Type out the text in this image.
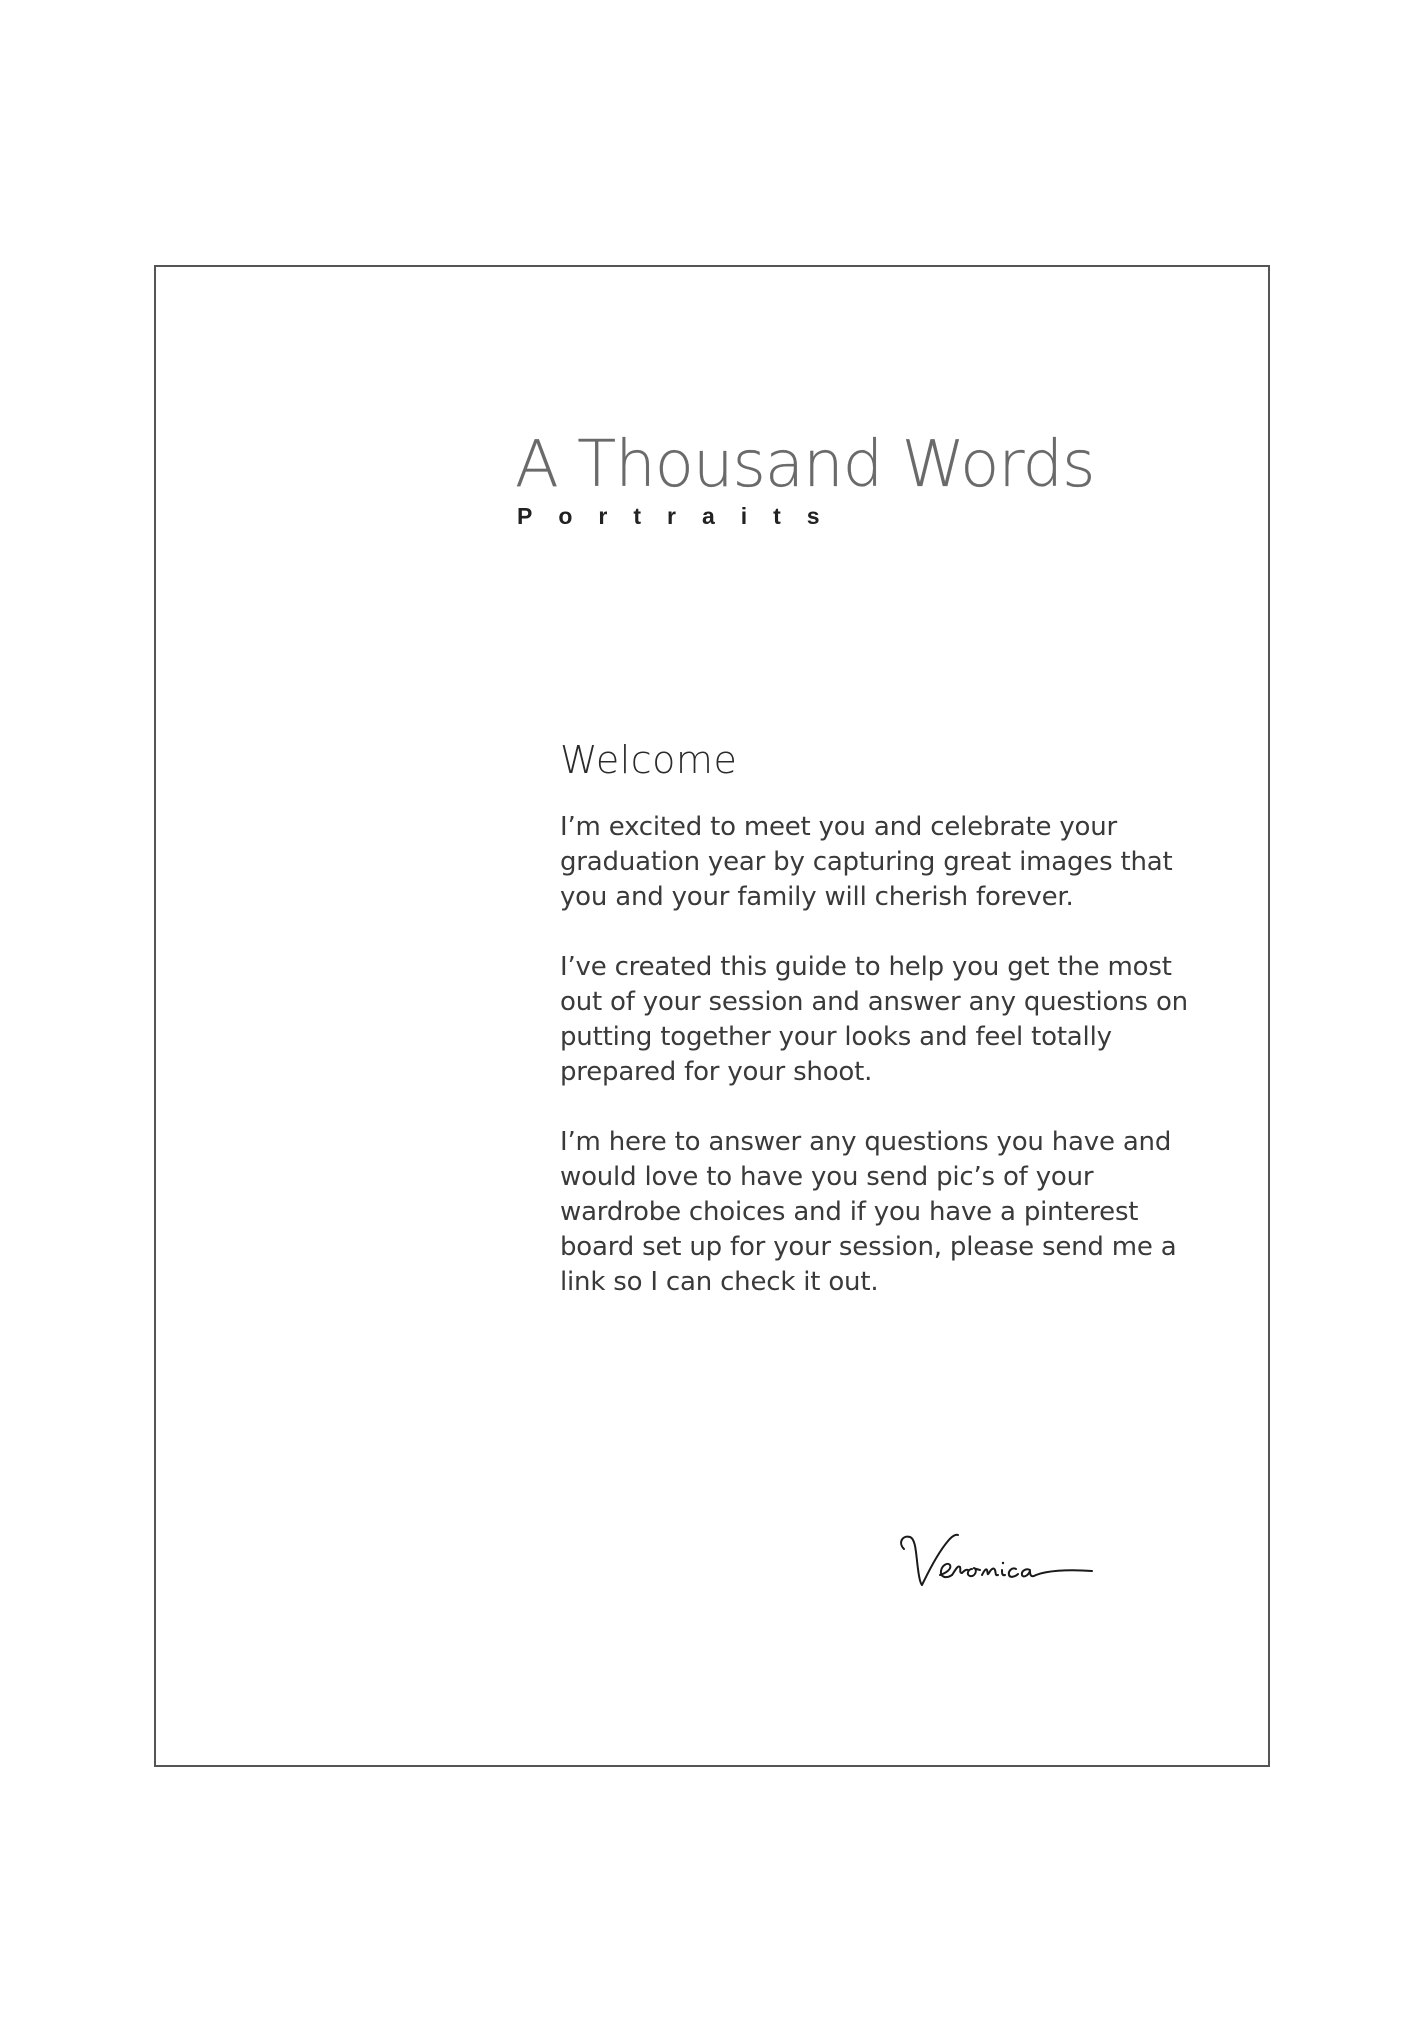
A Thousand Words
Portraits
Welcome

I’m excited to meet you and celebrate your graduation year by capturing great images that you and your family will cherish forever.

I’ve created this guide to help you get the most out of your session and answer any questions on putting together your looks and feel totally prepared for your shoot.

I’m here to answer any questions you have and would love to have you send pic’s of your wardrobe choices and if you have a pinterest board set up for your session, please send me a link so I can check it out.
